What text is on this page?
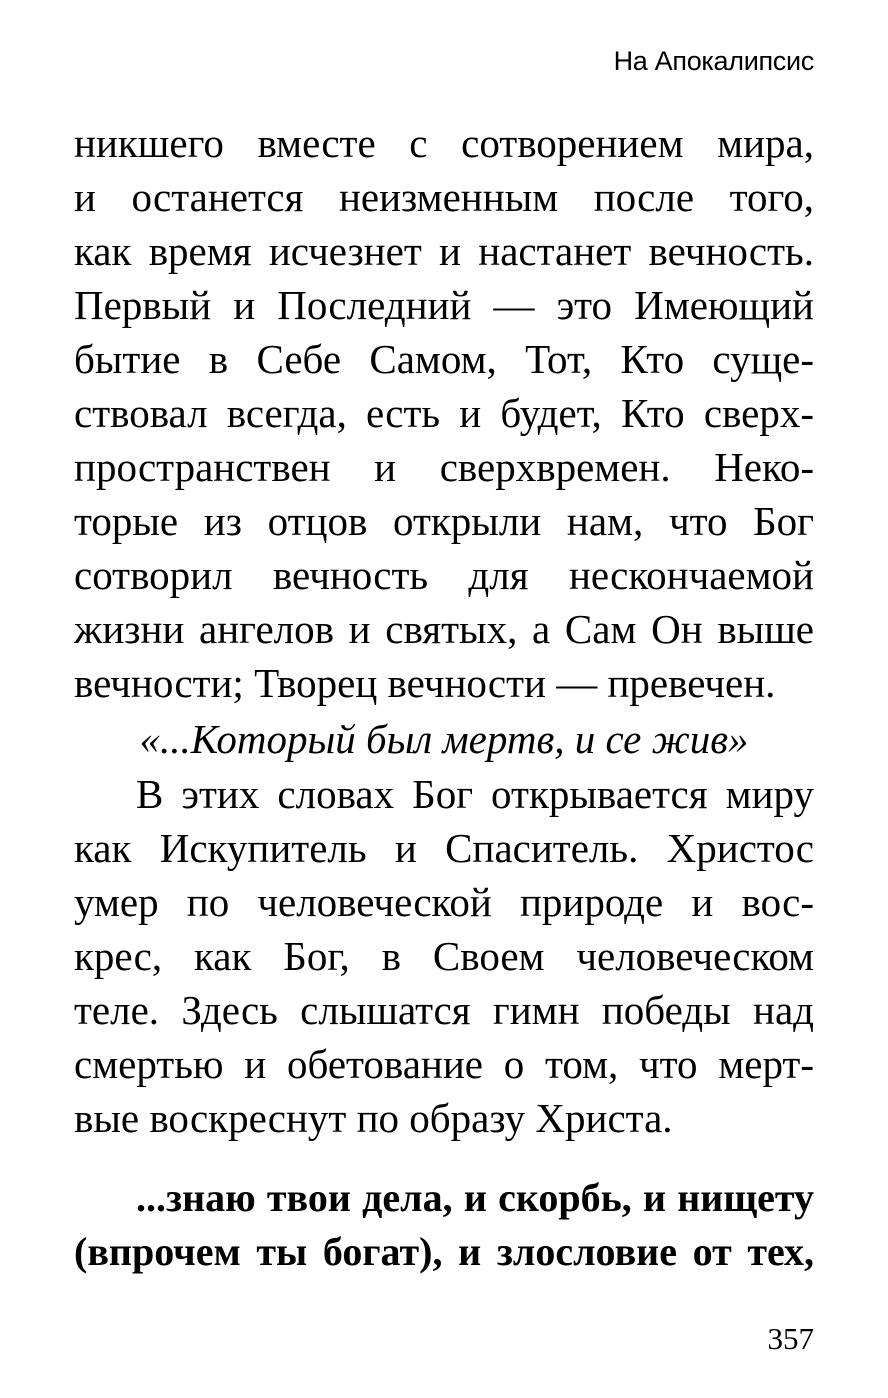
На Апокалипсис
никшего вместе с сотворением мира,
и останется неизменным после того,
как время исчезнет и настанет вечность.
Первый и Последний — это Имеющий
бытие в Себе Самом, Тот, Кто суще-
ствовал всегда, есть и будет, Кто сверх-
пространствен и сверхвремен. Неко-
торые из отцов открыли нам, что Бог
сотворил вечность для нескончаемой
жизни ангелов и святых, а Сам Он выше
вечности; Творец вечности — превечен.
«...Который был мертв, и се жив»
В этих словах Бог открывается миру
как Искупитель и Спаситель. Христос
умер по человеческой природе и вос-
крес, как Бог, в Своем человеческом
теле. Здесь слышатся гимн победы над
смертью и обетование о том, что мерт-
вые воскреснут по образу Христа.
...знаю твои дела, и скорбь, и нищету
(впрочем ты богат), и злословие от тех,
357
